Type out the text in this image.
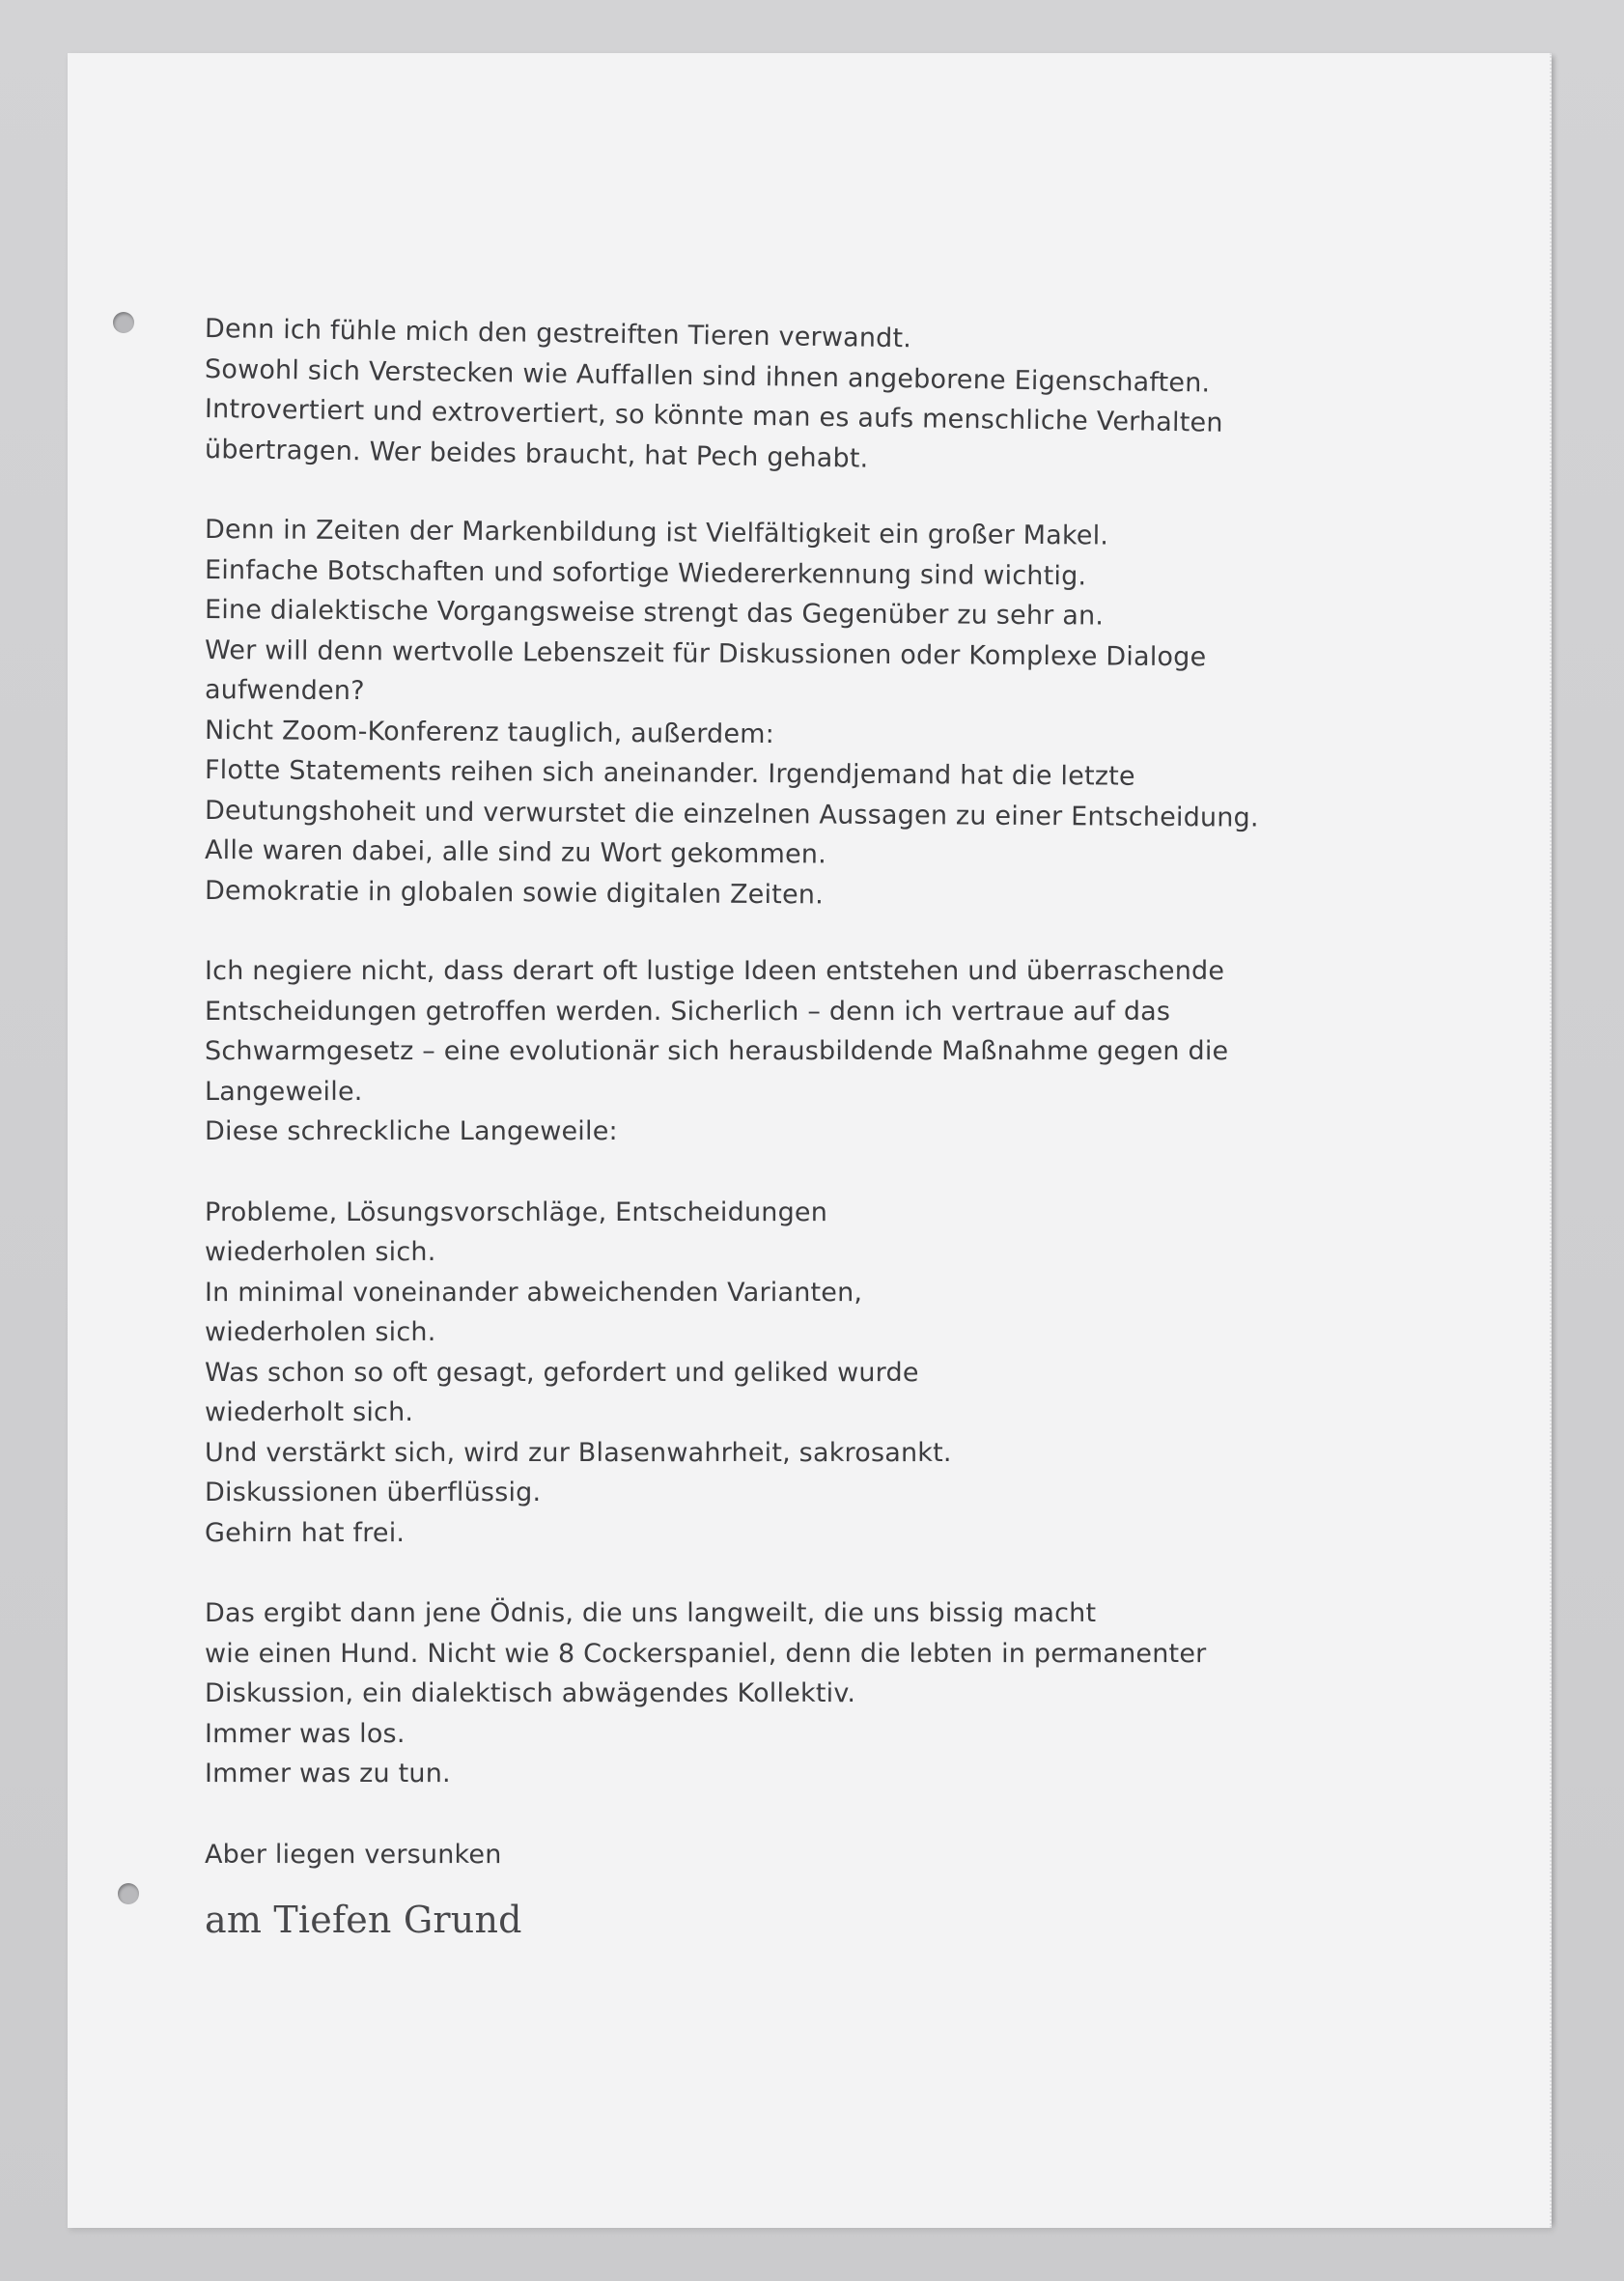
Denn ich fühle mich den gestreiften Tieren verwandt.
Sowohl sich Verstecken wie Auffallen sind ihnen angeborene Eigenschaften.
Introvertiert und extrovertiert, so könnte man es aufs menschliche Verhalten
übertragen. Wer beides braucht, hat Pech gehabt.
Denn in Zeiten der Markenbildung ist Vielfältigkeit ein großer Makel.
Einfache Botschaften und sofortige Wiedererkennung sind wichtig.
Eine dialektische Vorgangsweise strengt das Gegenüber zu sehr an.
Wer will denn wertvolle Lebenszeit für Diskussionen oder Komplexe Dialoge
aufwenden?
Nicht Zoom-Konferenz tauglich, außerdem:
Flotte Statements reihen sich aneinander. Irgendjemand hat die letzte
Deutungshoheit und verwurstet die einzelnen Aussagen zu einer Entscheidung.
Alle waren dabei, alle sind zu Wort gekommen.
Demokratie in globalen sowie digitalen Zeiten.
Ich negiere nicht, dass derart oft lustige Ideen entstehen und überraschende
Entscheidungen getroffen werden. Sicherlich – denn ich vertraue auf das
Schwarmgesetz – eine evolutionär sich herausbildende Maßnahme gegen die
Langeweile.
Diese schreckliche Langeweile:
Probleme, Lösungsvorschläge, Entscheidungen
wiederholen sich.
In minimal voneinander abweichenden Varianten,
wiederholen sich.
Was schon so oft gesagt, gefordert und geliked wurde
wiederholt sich.
Und verstärkt sich, wird zur Blasenwahrheit, sakrosankt.
Diskussionen überflüssig.
Gehirn hat frei.
Das ergibt dann jene Ödnis, die uns langweilt, die uns bissig macht
wie einen Hund. Nicht wie 8 Cockerspaniel, denn die lebten in permanenter
Diskussion, ein dialektisch abwägendes Kollektiv.
Immer was los.
Immer was zu tun.
Aber liegen versunken
am Tiefen Grund
